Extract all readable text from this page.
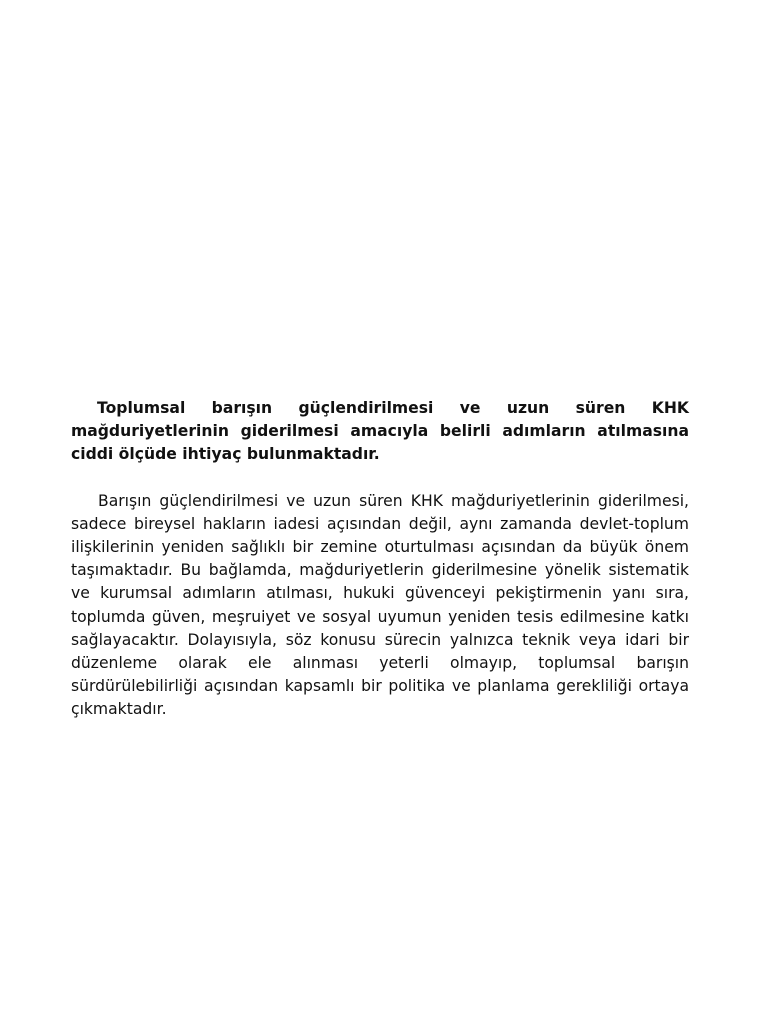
Toplumsal barışın güçlendirilmesi ve uzun süren KHK mağduriyetlerinin giderilmesi amacıyla belirli adımların atılmasına ciddi ölçüde ihtiyaç bulunmaktadır.

Barışın güçlendirilmesi ve uzun süren KHK mağduriyetlerinin giderilmesi, sadece bireysel hakların iadesi açısından değil, aynı zamanda devlet-toplum ilişkilerinin yeniden sağlıklı bir zemine oturtulması açısından da büyük önem taşımaktadır. Bu bağlamda, mağduriyetlerin giderilmesine yönelik sistematik ve kurumsal adımların atılması, hukuki güvenceyi pekiştirmenin yanı sıra, toplumda güven, meşruiyet ve sosyal uyumun yeniden tesis edilmesine katkı sağlayacaktır. Dolayısıyla, söz konusu sürecin yalnızca teknik veya idari bir düzenleme olarak ele alınması yeterli olmayıp, toplumsal barışın sürdürülebilirliği açısından kapsamlı bir politika ve planlama gerekliliği ortaya çıkmaktadır.
